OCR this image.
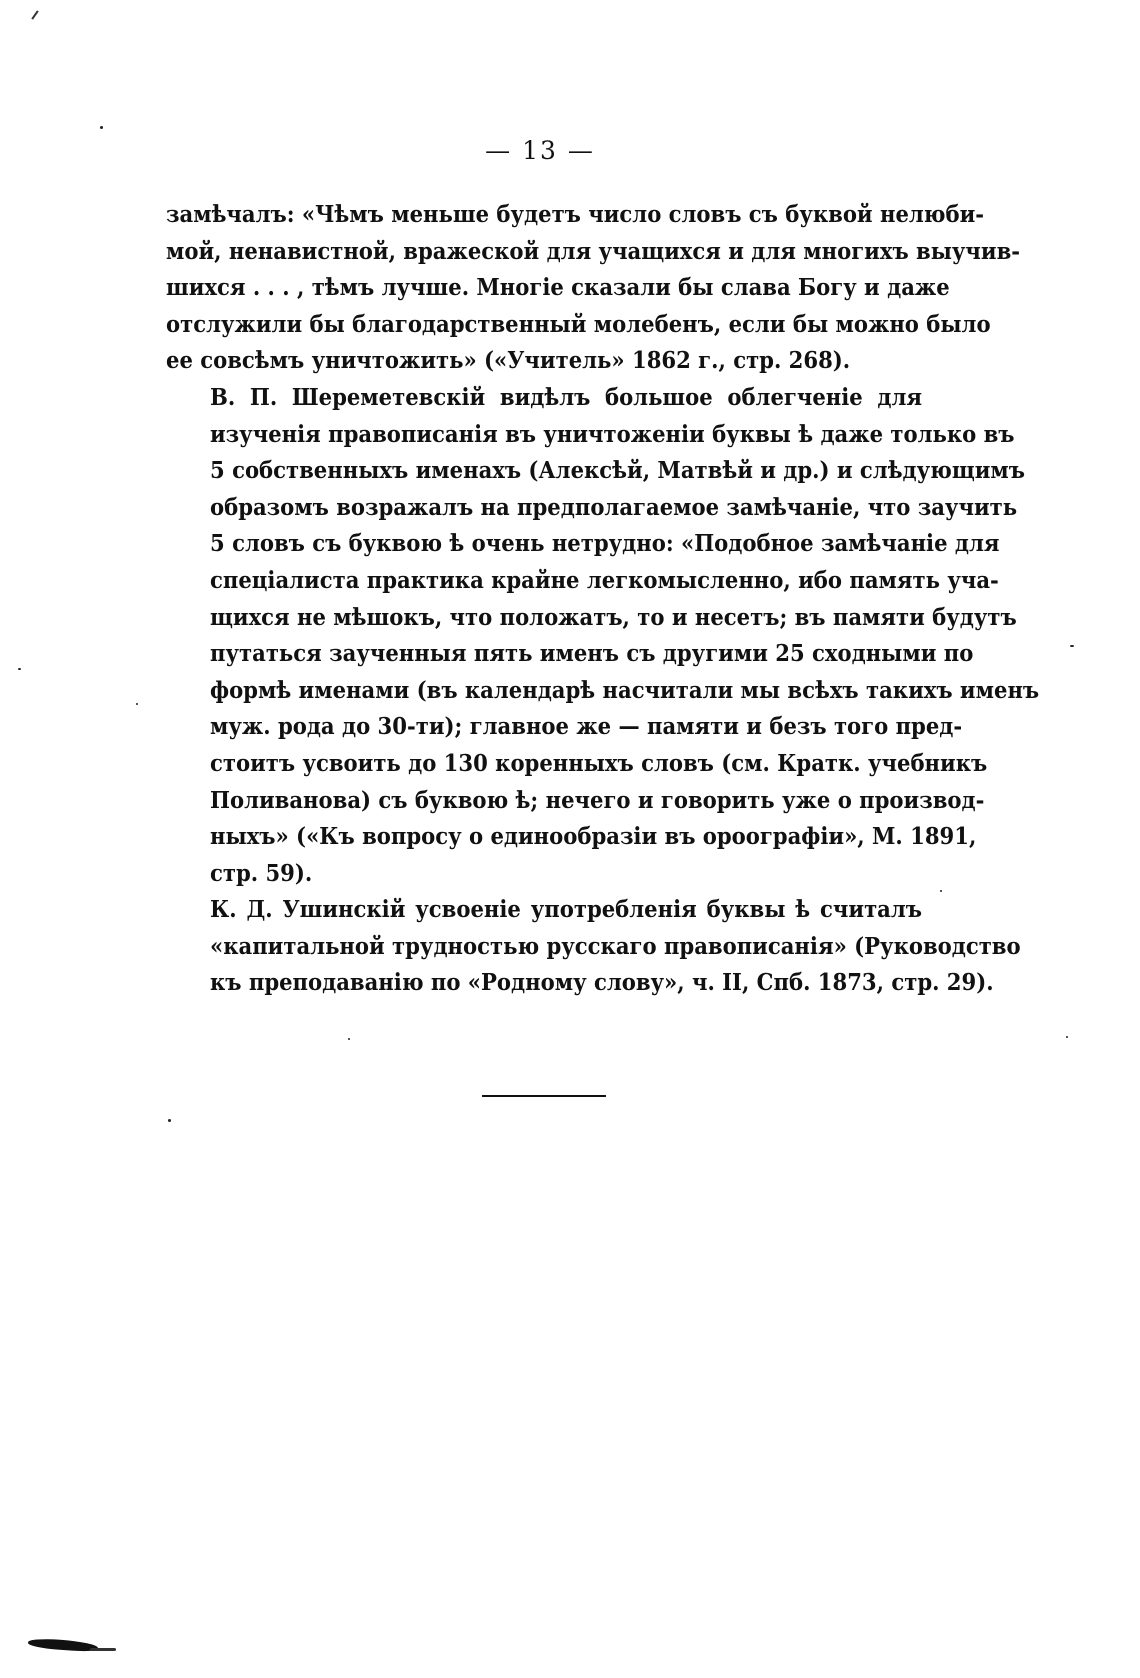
— 13 —

замѣчалъ: «Чѣмъ меньше будетъ число словъ съ буквой нелюби-
мой, ненавистной, вражеской для учащихся и для многихъ выучив-
шихся . . . , тѣмъ лучше. Многіе сказали бы слава Богу и даже
отслужили бы благодарственный молебенъ, если бы можно было
ее совсѣмъ уничтожить» («Учитель» 1862 г., стр. 268).

В. П. Шереметевскій видѣлъ большое облегченіе для
изученія правописанія въ уничтоженіи буквы ѣ даже только въ
5 собственныхъ именахъ (Алексѣй, Матвѣй и др.) и слѣдующимъ
образомъ возражалъ на предполагаемое замѣчаніе, что заучить
5 словъ съ буквою ѣ очень нетрудно: «Подобное замѣчаніе для
спеціалиста практика крайне легкомысленно, ибо память уча-
щихся не мѣшокъ, что положатъ, то и несетъ; въ памяти будутъ
путаться заученныя пять именъ съ другими 25 сходными по
формѣ именами (въ календарѣ насчитали мы всѣхъ такихъ именъ
муж. рода до 30-ти); главное же — памяти и безъ того пред-
стоитъ усвоить до 130 коренныхъ словъ (см. Кратк. учебникъ
Поливанова) съ буквою ѣ; нечего и говорить уже о производ-
ныхъ» («Къ вопросу о единообразіи въ ороографіи», М. 1891,
стр. 59).

К. Д. Ушинскій усвоеніе употребленія буквы ѣ считалъ
«капитальной трудностью русскаго правописанія» (Руководство
къ преподаванію по «Родному слову», ч. II, Спб. 1873, стр. 29).
